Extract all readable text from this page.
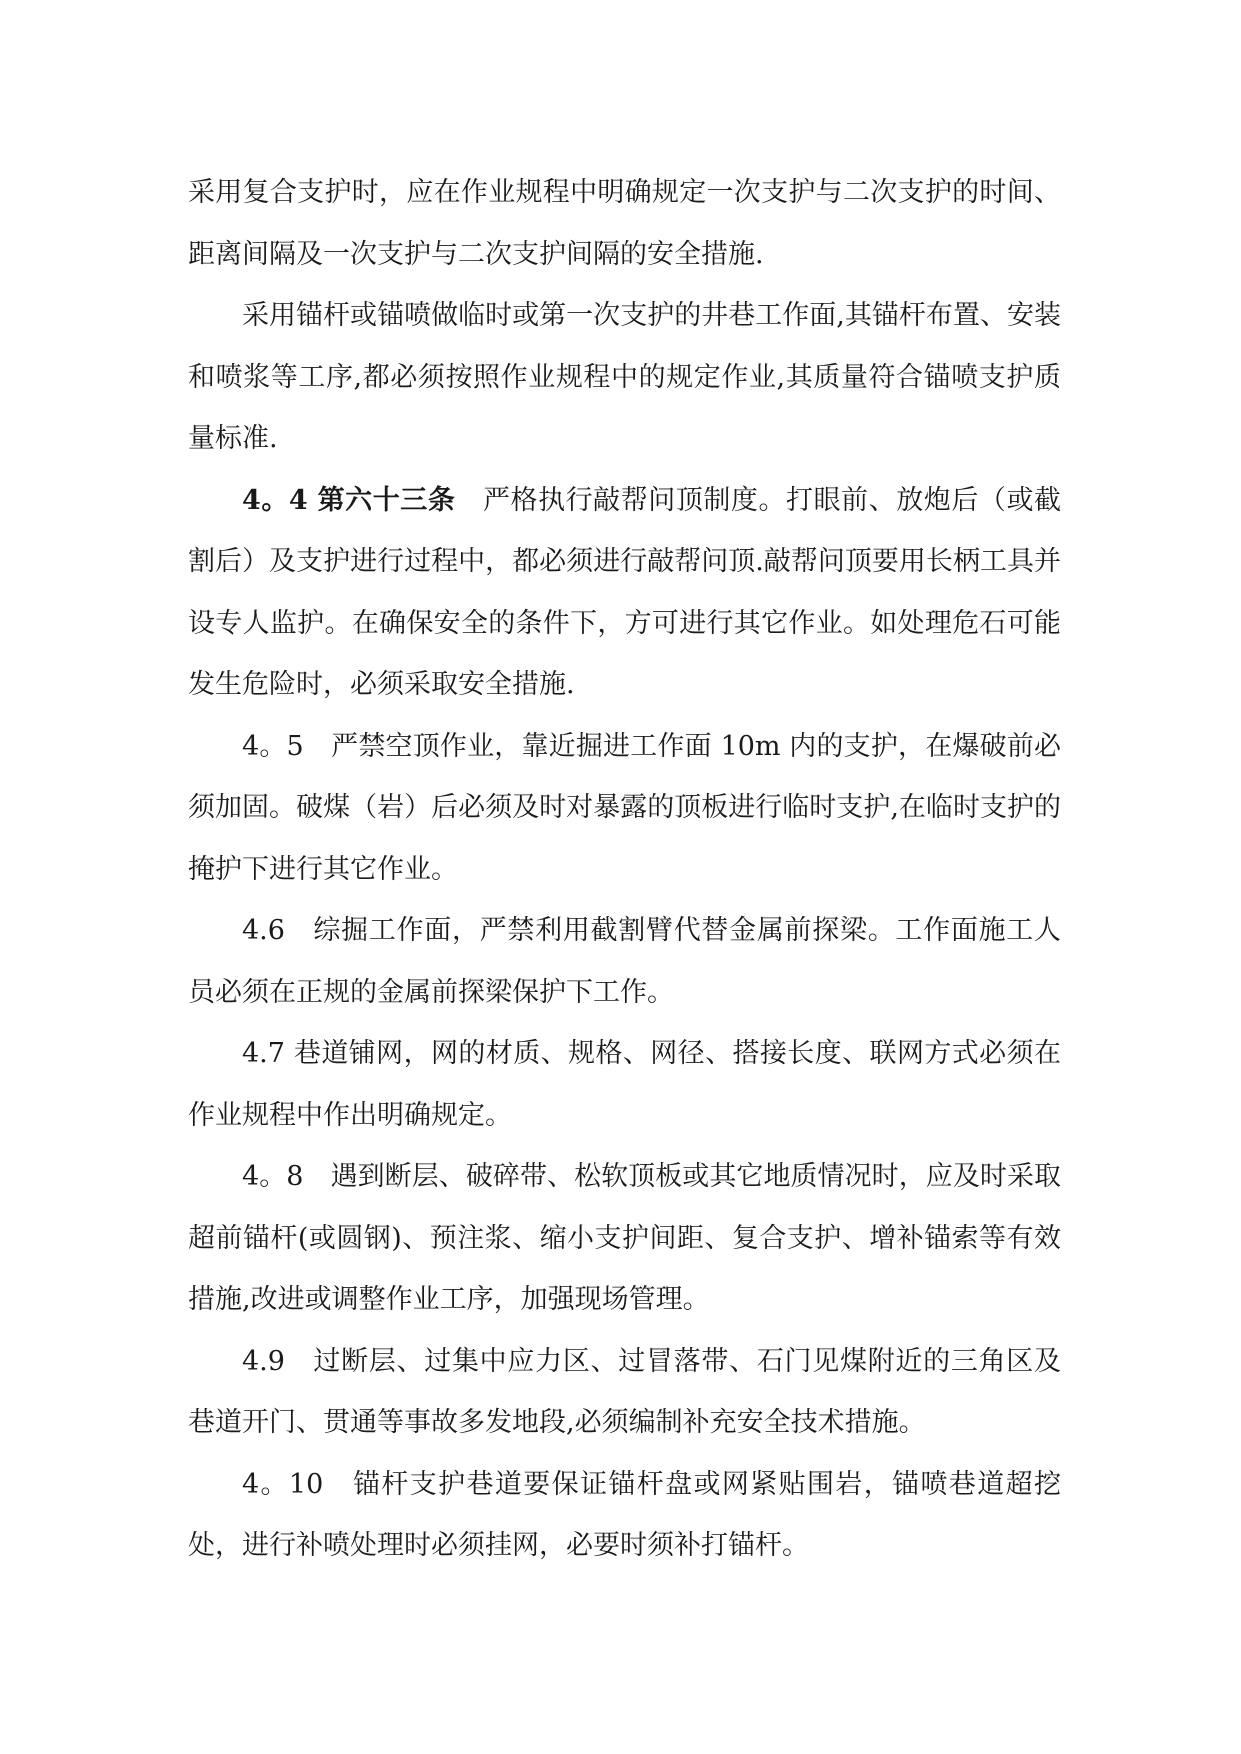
采用复合支护时，应在作业规程中明确规定一次支护与二次支护的时间、距离间隔及一次支护与二次支护间隔的安全措施.

采用锚杆或锚喷做临时或第一次支护的井巷工作面,其锚杆布置、安装和喷浆等工序,都必须按照作业规程中的规定作业,其质量符合锚喷支护质量标准.

4。4 第六十三条　严格执行敲帮问顶制度。打眼前、放炮后（或截割后）及支护进行过程中，都必须进行敲帮问顶.敲帮问顶要用长柄工具并设专人监护。在确保安全的条件下，方可进行其它作业。如处理危石可能发生危险时，必须采取安全措施.

4。5　严禁空顶作业，靠近掘进工作面 10m 内的支护，在爆破前必须加固。破煤（岩）后必须及时对暴露的顶板进行临时支护,在临时支护的掩护下进行其它作业。

4.6　综掘工作面，严禁利用截割臂代替金属前探梁。工作面施工人员必须在正规的金属前探梁保护下工作。

4.7 巷道铺网，网的材质、规格、网径、搭接长度、联网方式必须在作业规程中作出明确规定。

4。8　遇到断层、破碎带、松软顶板或其它地质情况时，应及时采取超前锚杆(或圆钢)、预注浆、缩小支护间距、复合支护、增补锚索等有效措施,改进或调整作业工序，加强现场管理。

4.9　过断层、过集中应力区、过冒落带、石门见煤附近的三角区及巷道开门、贯通等事故多发地段,必须编制补充安全技术措施。

4。10　锚杆支护巷道要保证锚杆盘或网紧贴围岩，锚喷巷道超挖处，进行补喷处理时必须挂网，必要时须补打锚杆。
